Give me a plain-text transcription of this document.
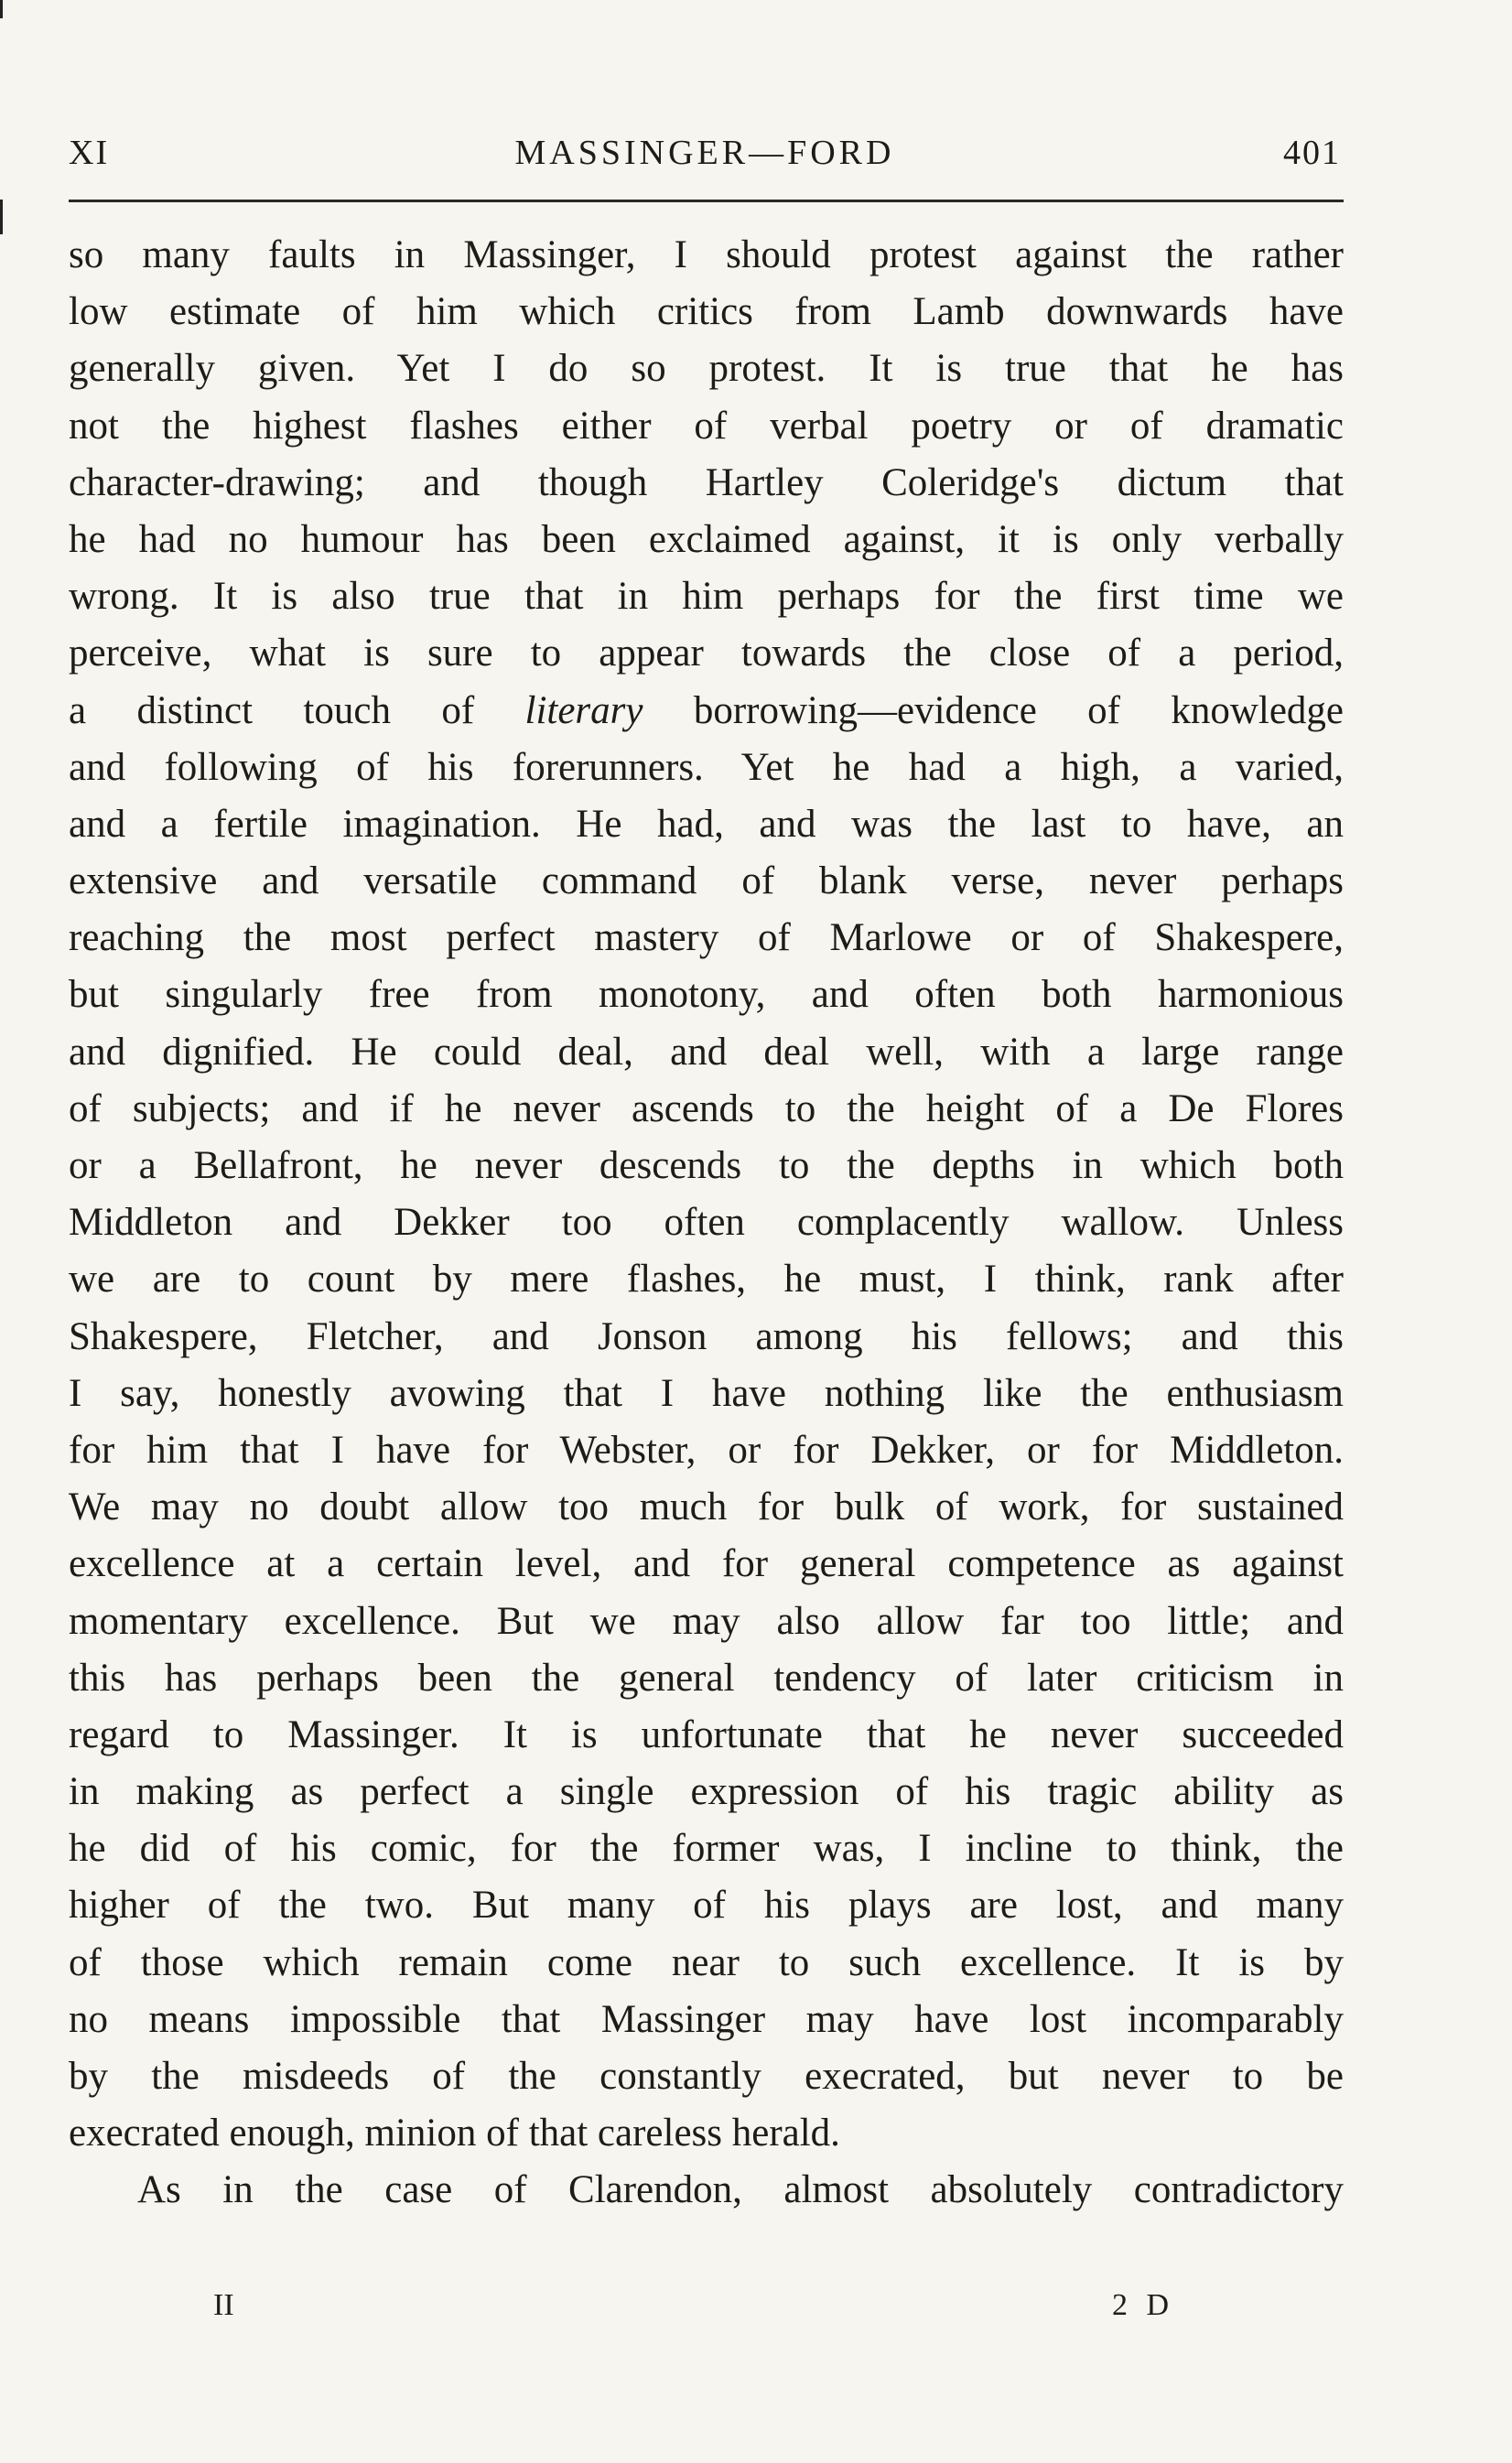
XI	MASSINGER—FORD	401
so many faults in Massinger, I should protest against the rather
low estimate of him which critics from Lamb downwards have
generally given. Yet I do so protest. It is true that he has
not the highest flashes either of verbal poetry or of dramatic
character-drawing; and though Hartley Coleridge's dictum that
he had no humour has been exclaimed against, it is only verbally
wrong. It is also true that in him perhaps for the first time we
perceive, what is sure to appear towards the close of a period,
a distinct touch of literary borrowing—evidence of knowledge
and following of his forerunners. Yet he had a high, a varied,
and a fertile imagination. He had, and was the last to have, an
extensive and versatile command of blank verse, never perhaps
reaching the most perfect mastery of Marlowe or of Shakespere,
but singularly free from monotony, and often both harmonious
and dignified. He could deal, and deal well, with a large range
of subjects; and if he never ascends to the height of a De Flores
or a Bellafront, he never descends to the depths in which both
Middleton and Dekker too often complacently wallow. Unless
we are to count by mere flashes, he must, I think, rank after
Shakespere, Fletcher, and Jonson among his fellows; and this
I say, honestly avowing that I have nothing like the enthusiasm
for him that I have for Webster, or for Dekker, or for Middleton.
We may no doubt allow too much for bulk of work, for sustained
excellence at a certain level, and for general competence as against
momentary excellence. But we may also allow far too little; and
this has perhaps been the general tendency of later criticism in
regard to Massinger. It is unfortunate that he never succeeded
in making as perfect a single expression of his tragic ability as
he did of his comic, for the former was, I incline to think, the
higher of the two. But many of his plays are lost, and many
of those which remain come near to such excellence. It is by
no means impossible that Massinger may have lost incomparably
by the misdeeds of the constantly execrated, but never to be
execrated enough, minion of that careless herald.
As in the case of Clarendon, almost absolutely contradictory
II	2 D
